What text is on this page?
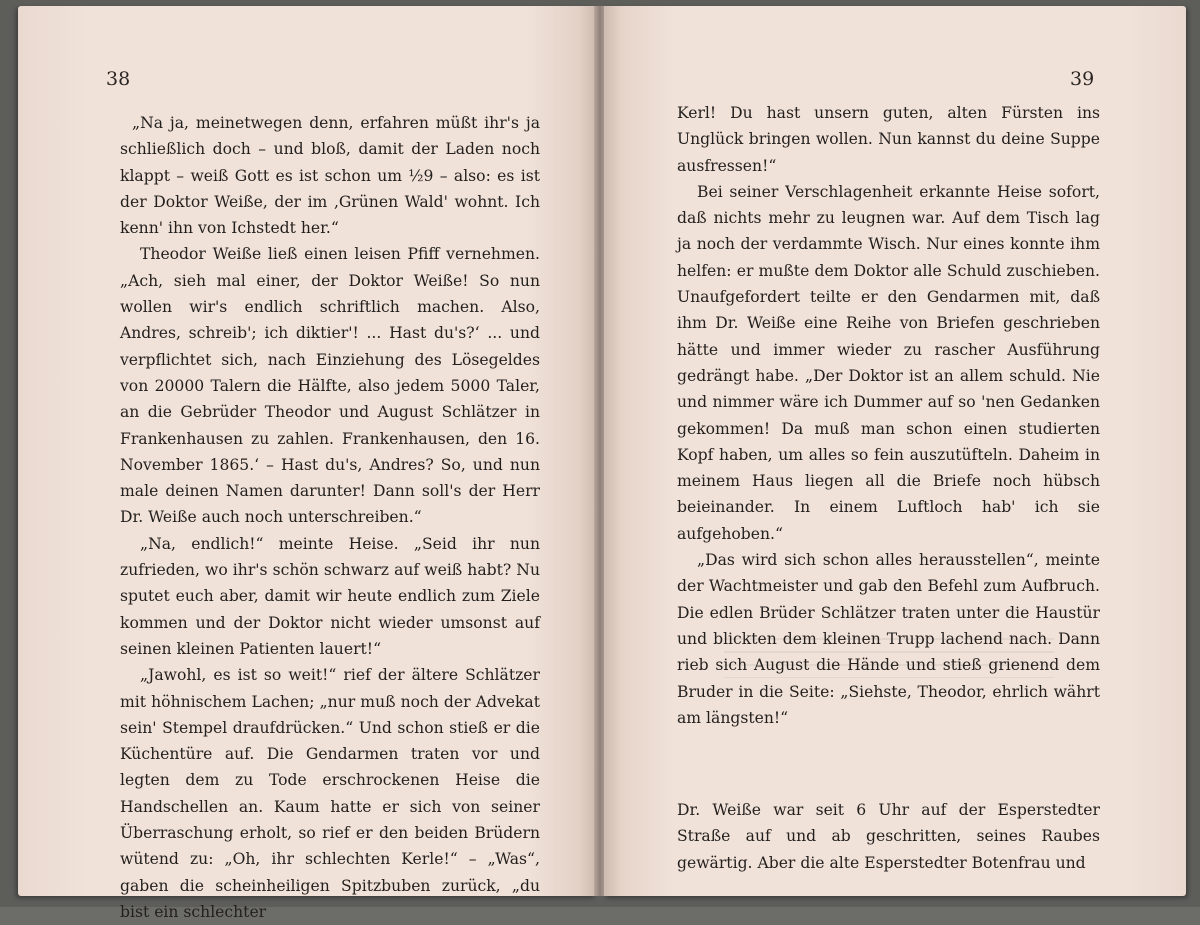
38

„Na ja, meinetwegen denn, erfahren müßt ihr's ja schließlich doch – und bloß, damit der Laden noch klappt – weiß Gott es ist schon um ½9 – also: es ist der Doktor Weiße, der im ‚Grünen Wald' wohnt. Ich kenn' ihn von Ichstedt her.“

Theodor Weiße ließ einen leisen Pfiff vernehmen. „Ach, sieh mal einer, der Doktor Weiße! So nun wollen wir's endlich schriftlich machen. Also, Andres, schreib'; ich diktier'! ... Hast du's?‘ ... und verpflichtet sich, nach Einziehung des Lösegeldes von 20000 Talern die Hälfte, also jedem 5000 Taler, an die Gebrüder Theodor und August Schlätzer in Frankenhausen zu zahlen. Frankenhausen, den 16. November 1865.‘ – Hast du's, Andres? So, und nun male deinen Namen darunter! Dann soll's der Herr Dr. Weiße auch noch unterschreiben.“

„Na, endlich!“ meinte Heise. „Seid ihr nun zufrieden, wo ihr's schön schwarz auf weiß habt? Nu sputet euch aber, damit wir heute endlich zum Ziele kommen und der Doktor nicht wieder umsonst auf seinen kleinen Patienten lauert!“

„Jawohl, es ist so weit!“ rief der ältere Schlätzer mit höhnischem Lachen; „nur muß noch der Advekat sein' Stempel draufdrücken.“ Und schon stieß er die Küchentüre auf. Die Gendarmen traten vor und legten dem zu Tode erschrockenen Heise die Handschellen an. Kaum hatte er sich von seiner Überraschung erholt, so rief er den beiden Brüdern wütend zu: „Oh, ihr schlechten Kerle!“ – „Was“, gaben die scheinheiligen Spitzbuben zurück, „du bist ein schlechter

39

Kerl! Du hast unsern guten, alten Fürsten ins Unglück bringen wollen. Nun kannst du deine Suppe ausfressen!“

Bei seiner Verschlagenheit erkannte Heise sofort, daß nichts mehr zu leugnen war. Auf dem Tisch lag ja noch der verdammte Wisch. Nur eines konnte ihm helfen: er mußte dem Doktor alle Schuld zuschieben. Unaufgefordert teilte er den Gendarmen mit, daß ihm Dr. Weiße eine Reihe von Briefen geschrieben hätte und immer wieder zu rascher Ausführung gedrängt habe. „Der Doktor ist an allem schuld. Nie und nimmer wäre ich Dummer auf so 'nen Gedanken gekommen! Da muß man schon einen studierten Kopf haben, um alles so fein auszutüfteln. Daheim in meinem Haus liegen all die Briefe noch hübsch beieinander. In einem Luftloch hab' ich sie aufgehoben.“

„Das wird sich schon alles herausstellen“, meinte der Wachtmeister und gab den Befehl zum Aufbruch. Die edlen Brüder Schlätzer traten unter die Haustür und blickten dem kleinen Trupp lachend nach. Dann rieb sich August die Hände und stieß grienend dem Bruder in die Seite: „Siehste, Theodor, ehrlich währt am längsten!“

Dr. Weiße war seit 6 Uhr auf der Esperstedter Straße auf und ab geschritten, seines Raubes gewärtig. Aber die alte Esperstedter Botenfrau und
